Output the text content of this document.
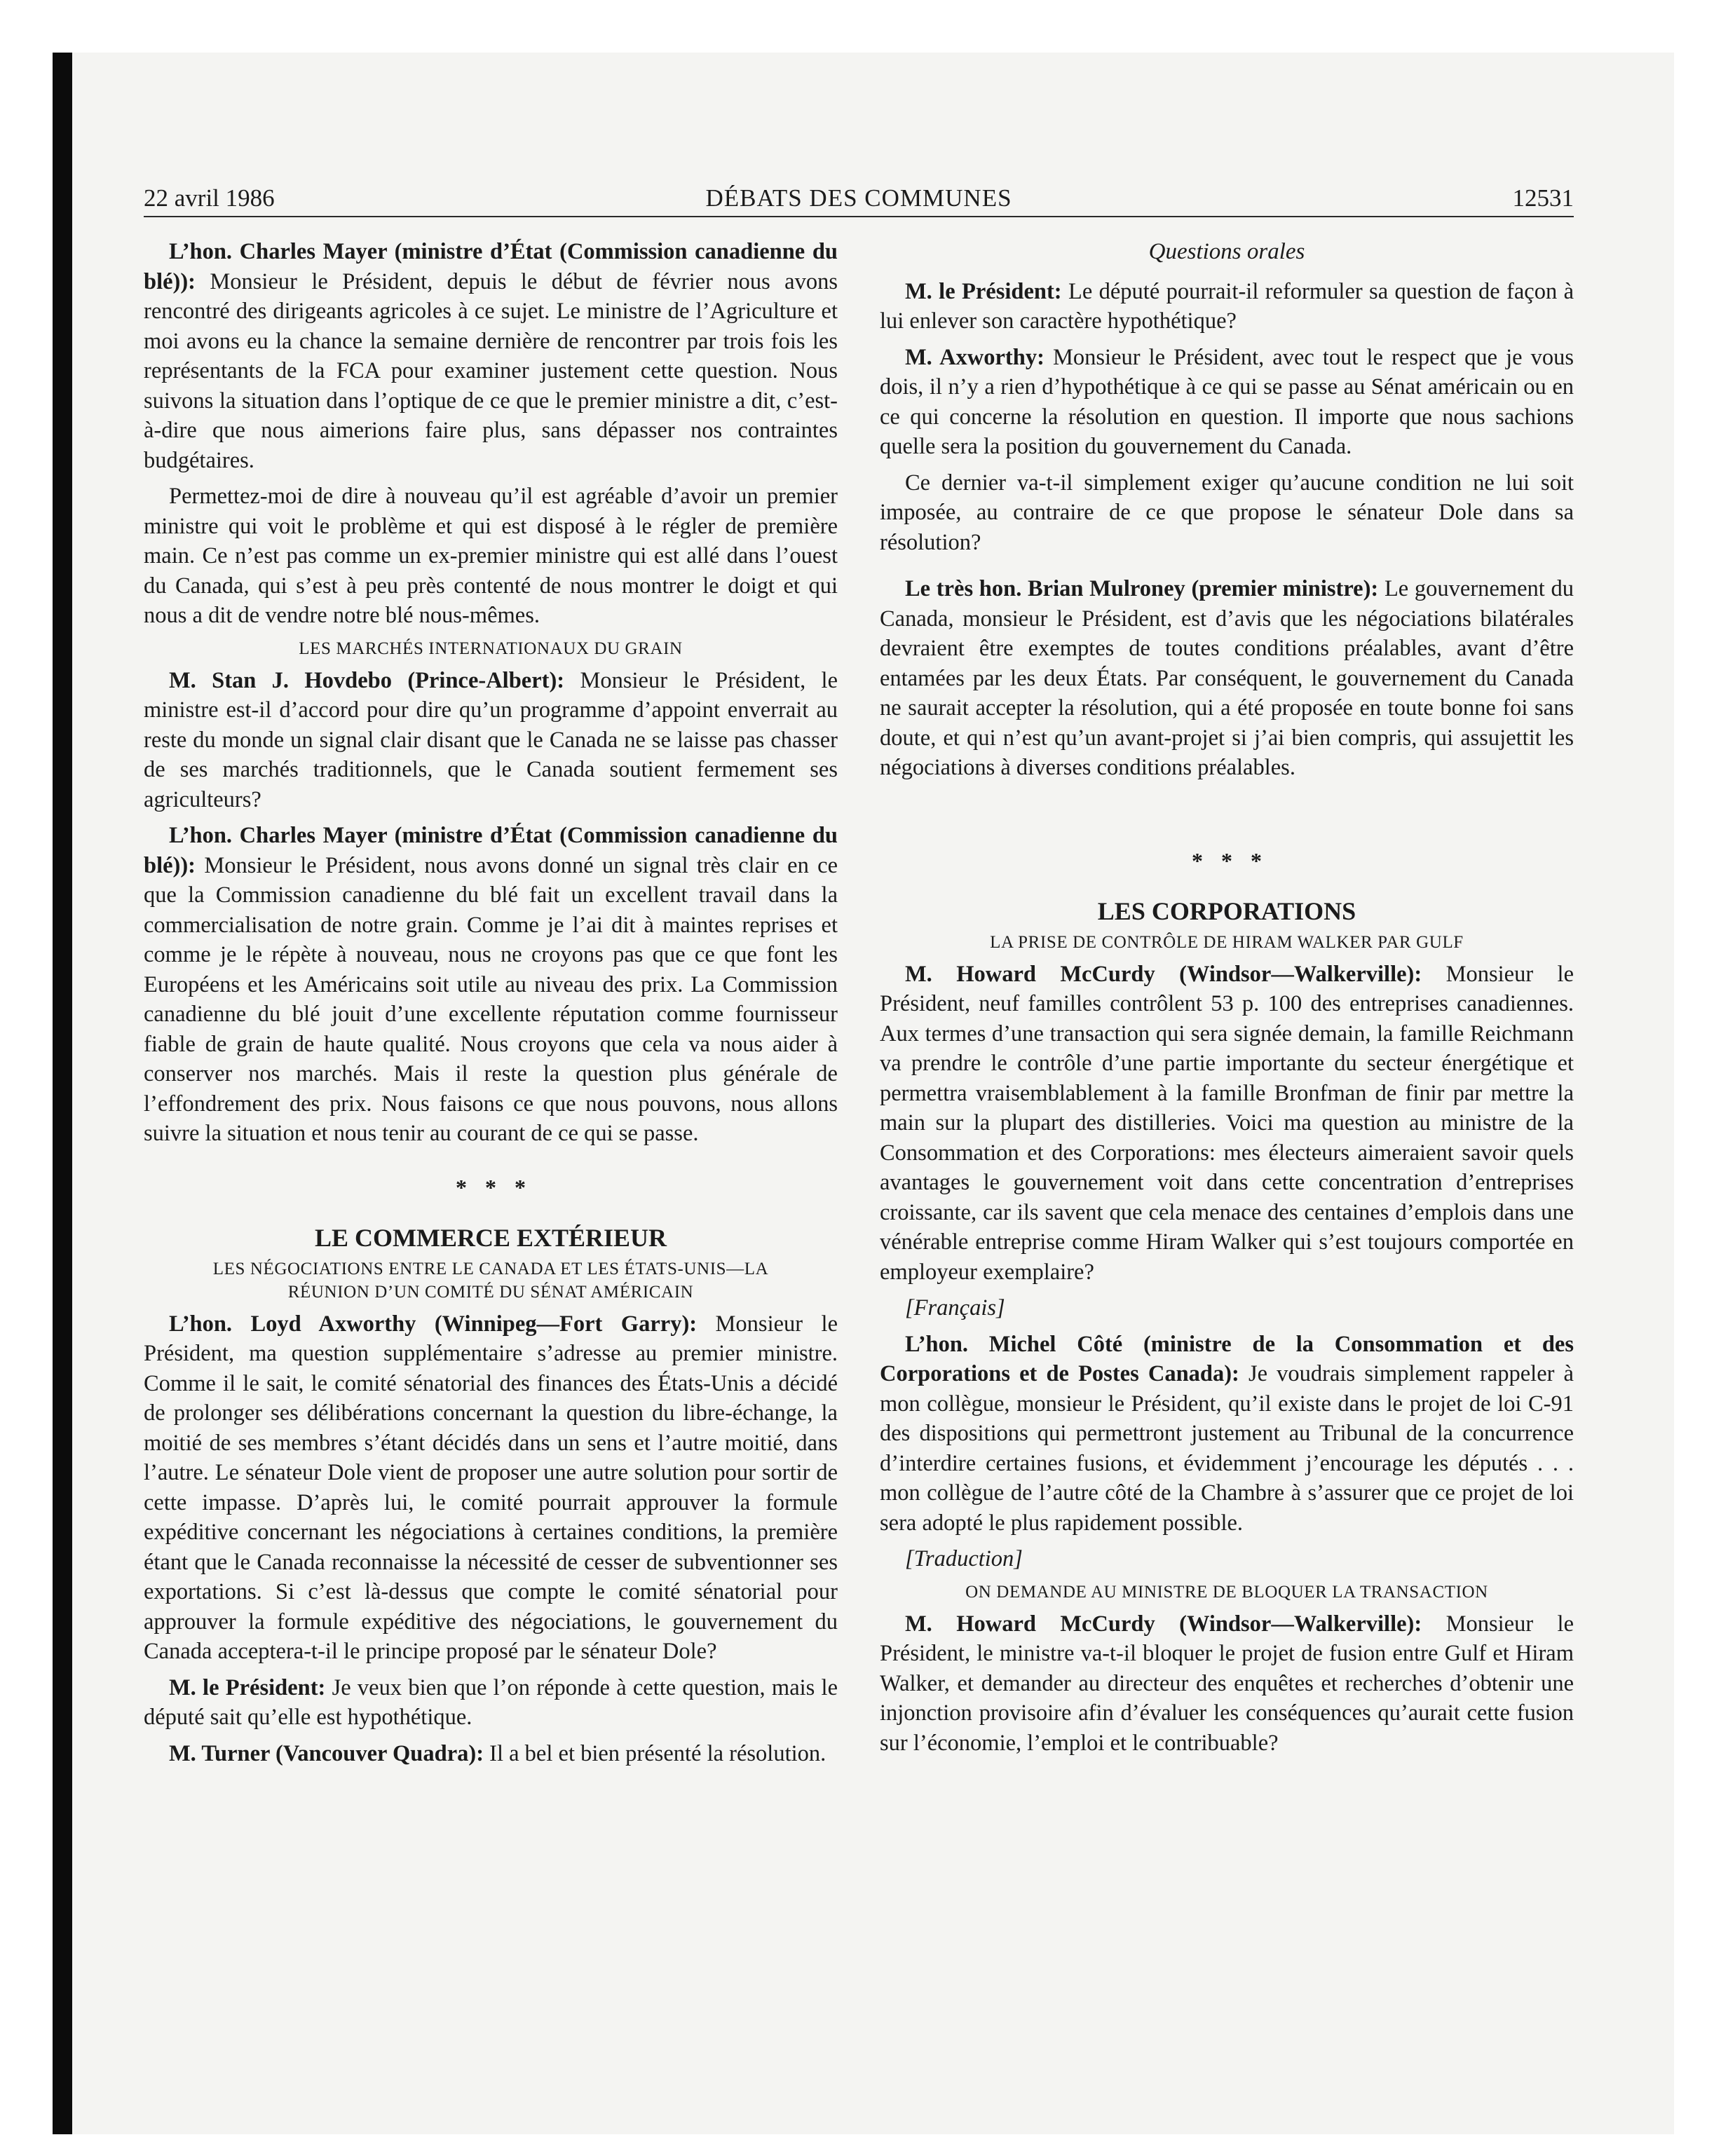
22 avril 1986	DÉBATS DES COMMUNES	12531

L’hon. Charles Mayer (ministre d’État (Commission canadienne du blé)): Monsieur le Président, depuis le début de février nous avons rencontré des dirigeants agricoles à ce sujet. Le ministre de l’Agriculture et moi avons eu la chance la semaine dernière de rencontrer par trois fois les représentants de la FCA pour examiner justement cette question. Nous suivons la situation dans l’optique de ce que le premier ministre a dit, c’est-à-dire que nous aimerions faire plus, sans dépasser nos contraintes budgétaires.

Permettez-moi de dire à nouveau qu’il est agréable d’avoir un premier ministre qui voit le problème et qui est disposé à le régler de première main. Ce n’est pas comme un ex-premier ministre qui est allé dans l’ouest du Canada, qui s’est à peu près contenté de nous montrer le doigt et qui nous a dit de vendre notre blé nous-mêmes.

LES MARCHÉS INTERNATIONAUX DU GRAIN

M. Stan J. Hovdebo (Prince-Albert): Monsieur le Président, le ministre est-il d’accord pour dire qu’un programme d’appoint enverrait au reste du monde un signal clair disant que le Canada ne se laisse pas chasser de ses marchés traditionnels, que le Canada soutient fermement ses agriculteurs?

L’hon. Charles Mayer (ministre d’État (Commission canadienne du blé)): Monsieur le Président, nous avons donné un signal très clair en ce que la Commission canadienne du blé fait un excellent travail dans la commercialisation de notre grain. Comme je l’ai dit à maintes reprises et comme je le répète à nouveau, nous ne croyons pas que ce que font les Européens et les Américains soit utile au niveau des prix. La Commission canadienne du blé jouit d’une excellente réputation comme fournisseur fiable de grain de haute qualité. Nous croyons que cela va nous aider à conserver nos marchés. Mais il reste la question plus générale de l’effondrement des prix. Nous faisons ce que nous pouvons, nous allons suivre la situation et nous tenir au courant de ce qui se passe.

* * *
LE COMMERCE EXTÉRIEUR
LES NÉGOCIATIONS ENTRE LE CANADA ET LES ÉTATS-UNIS—LA
RÉUNION D’UN COMITÉ DU SÉNAT AMÉRICAIN

L’hon. Loyd Axworthy (Winnipeg—Fort Garry): Monsieur le Président, ma question supplémentaire s’adresse au premier ministre. Comme il le sait, le comité sénatorial des finances des États-Unis a décidé de prolonger ses délibérations concernant la question du libre-échange, la moitié de ses membres s’étant décidés dans un sens et l’autre moitié, dans l’autre. Le sénateur Dole vient de proposer une autre solution pour sortir de cette impasse. D’après lui, le comité pourrait approuver la formule expéditive concernant les négociations à certaines conditions, la première étant que le Canada reconnaisse la nécessité de cesser de subventionner ses exportations. Si c’est là-dessus que compte le comité sénatorial pour approuver la formule expéditive des négociations, le gouvernement du Canada acceptera-t-il le principe proposé par le sénateur Dole?

M. le Président: Je veux bien que l’on réponde à cette question, mais le député sait qu’elle est hypothétique.

M. Turner (Vancouver Quadra): Il a bel et bien présenté la résolution.

Questions orales

M. le Président: Le député pourrait-il reformuler sa question de façon à lui enlever son caractère hypothétique?

M. Axworthy: Monsieur le Président, avec tout le respect que je vous dois, il n’y a rien d’hypothétique à ce qui se passe au Sénat américain ou en ce qui concerne la résolution en question. Il importe que nous sachions quelle sera la position du gouvernement du Canada.

Ce dernier va-t-il simplement exiger qu’aucune condition ne lui soit imposée, au contraire de ce que propose le sénateur Dole dans sa résolution?

Le très hon. Brian Mulroney (premier ministre): Le gouvernement du Canada, monsieur le Président, est d’avis que les négociations bilatérales devraient être exemptes de toutes conditions préalables, avant d’être entamées par les deux États. Par conséquent, le gouvernement du Canada ne saurait accepter la résolution, qui a été proposée en toute bonne foi sans doute, et qui n’est qu’un avant-projet si j’ai bien compris, qui assujettit les négociations à diverses conditions préalables.

* * *
LES CORPORATIONS
LA PRISE DE CONTRÔLE DE HIRAM WALKER PAR GULF

M. Howard McCurdy (Windsor—Walkerville): Monsieur le Président, neuf familles contrôlent 53 p. 100 des entreprises canadiennes. Aux termes d’une transaction qui sera signée demain, la famille Reichmann va prendre le contrôle d’une partie importante du secteur énergétique et permettra vraisemblablement à la famille Bronfman de finir par mettre la main sur la plupart des distilleries. Voici ma question au ministre de la Consommation et des Corporations: mes électeurs aimeraient savoir quels avantages le gouvernement voit dans cette concentration d’entreprises croissante, car ils savent que cela menace des centaines d’emplois dans une vénérable entreprise comme Hiram Walker qui s’est toujours comportée en employeur exemplaire?

[Français]

L’hon. Michel Côté (ministre de la Consommation et des Corporations et de Postes Canada): Je voudrais simplement rappeler à mon collègue, monsieur le Président, qu’il existe dans le projet de loi C-91 des dispositions qui permettront justement au Tribunal de la concurrence d’interdire certaines fusions, et évidemment j’encourage les députés . . . mon collègue de l’autre côté de la Chambre à s’assurer que ce projet de loi sera adopté le plus rapidement possible.

[Traduction]

ON DEMANDE AU MINISTRE DE BLOQUER LA TRANSACTION

M. Howard McCurdy (Windsor—Walkerville): Monsieur le Président, le ministre va-t-il bloquer le projet de fusion entre Gulf et Hiram Walker, et demander au directeur des enquêtes et recherches d’obtenir une injonction provisoire afin d’évaluer les conséquences qu’aurait cette fusion sur l’économie, l’emploi et le contribuable?
